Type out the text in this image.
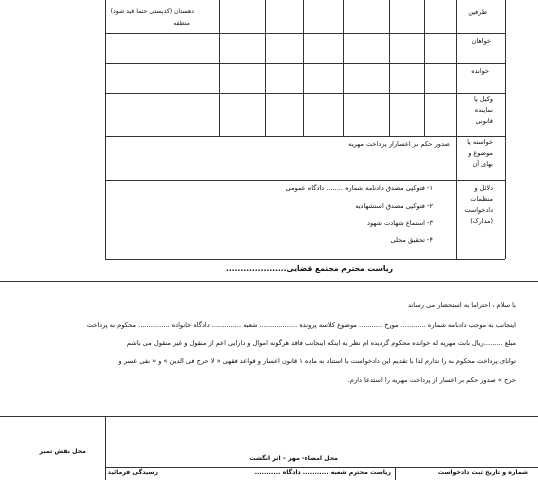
دهستان (کدپستی حتما قید شود)
منطقه
طرفین
خواهان
خوانده
وکیل یا
نماینده
قانونی
خواسته یا
موضوع و
بهای آن
صدور حکم بر اعسارار پرداخت مهریه
دلائل و
منظمات
دادخواست
(مدارک)
۱- فتوکپی مصدق دادنامه شماره ........ دادگاه عمومی
۲- فتوکپی مصدق استشهادیه
۳- استماع شهادت شهود
۴- تحقیق محلی
ریاست محترم مجتمع قضایی.....................
با سلام ، احتراما به استحضار می رساند
اینجانب به موجب دادنامه شماره ............ مورخ ........... موضوع کلاسه پرونده .................. شعبه .............. دادگاه خانواده ............... محکوم به پرداخت
مبلغ .........ریال بابت مهریه له خوانده محکوم گردیده ام نظر به اینکه اینجانب فاقد هرگونه اموال و دارایی اعم از منقول و غیر منقول می باشم
توانای پرداخت محکوم به را ندارم لذا با تقدیم این دادخواست با استناد به ماده ۱ قانون اعسار و قواعد فقهی « لا حرج فی الدین » و « نفی عسر و
حرج » صدور حکم بر اعسار از پرداخت مهریه را استدعا دارم.
محل نقش تمبر
محل امضاء- مهر – اثر انگشت
شماره و تاریخ ثبت دادخواست
ریاست محترم شعبه ........... دادگاه ...........
رسیدگی فرمائید
